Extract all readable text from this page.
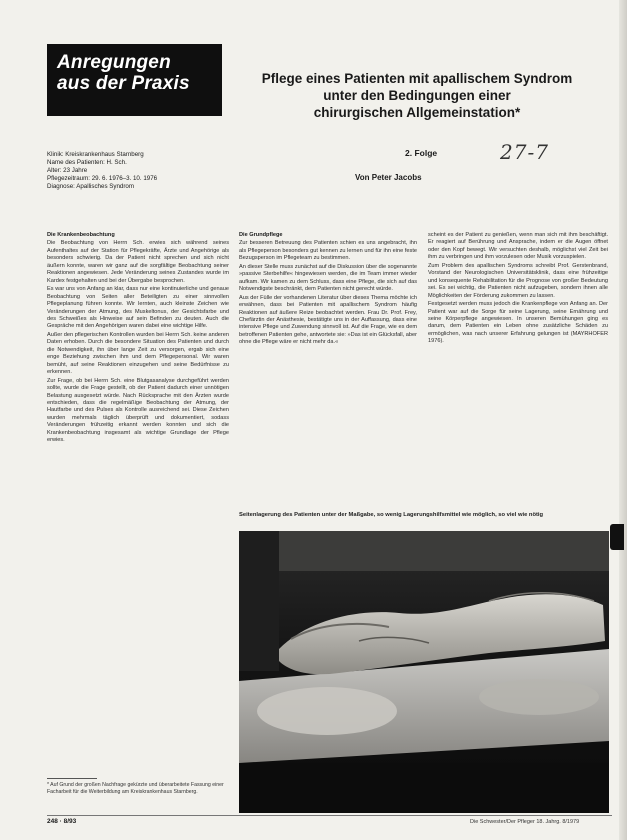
Anregungen
aus der Praxis	Pflege eines Patienten mit apallischem Syndrom
unter den Bedingungen einer
chirurgischen Allgemeinstation*
2. Folge
Von Peter Jacobs
27-7
Klinik: Kreiskrankenhaus Starnberg
Name des Patienten: H. Sch.
Alter: 23 Jahre
Pflegezeitraum: 29. 6. 1976–3. 10. 1976
Diagnose: Apallisches Syndrom
Die Krankenbeobachtung

Die Beobachtung von Herrn Sch. erwies sich während seines Aufenthaltes auf der Station für Pflegekräfte, Ärzte und Angehörige als besonders schwierig. Da der Patient nicht sprechen und sich nicht äußern konnte, waren wir ganz auf die sorgfältige Beobachtung seiner Reaktionen angewiesen. Jede Veränderung seines Zustandes wurde im Kardex festgehalten und bei der Übergabe besprochen.

Es war uns von Anfang an klar, dass nur eine kontinuierliche und genaue Beobachtung von Seiten aller Beteiligten zu einer sinnvollen Pflegeplanung führen konnte. Wir lernten, auch kleinste Zeichen wie Veränderungen der Atmung, des Muskeltonus, der Gesichtsfarbe und des Schweißes als Hinweise auf sein Befinden zu deuten. Auch die Gespräche mit den Angehörigen waren dabei eine wichtige Hilfe.

Außer den pflegerischen Kontrollen wurden bei Herrn Sch. keine anderen Daten erhoben. Durch die besondere Situation des Patienten und durch die Notwendigkeit, ihn über lange Zeit zu versorgen, ergab sich eine enge Beziehung zwischen ihm und dem Pflegepersonal. Wir waren bemüht, auf seine Reaktionen einzugehen und seine Bedürfnisse zu erkennen.

Zur Frage, ob bei Herrn Sch. eine Blutgasanalyse durchgeführt werden sollte, wurde die Frage gestellt, ob der Patient dadurch einer unnötigen Belastung ausgesetzt würde. Nach Rücksprache mit den Ärzten wurde entschieden, dass die regelmäßige Beobachtung der Atmung, der Hautfarbe und des Pulses als Kontrolle ausreichend sei. Diese Zeichen wurden mehrmals täglich überprüft und dokumentiert, sodass Veränderungen frühzeitig erkannt werden konnten und sich die Krankenbeobachtung insgesamt als wichtige Grundlage der Pflege erwies.

Die Grundpflege

Zur besseren Betreuung des Patienten schien es uns angebracht, ihn als Pflegeperson besonders gut kennen zu lernen und für ihn eine feste Bezugsperson im Pflegeteam zu bestimmen.

An dieser Stelle muss zunächst auf die Diskussion über die sogenannte »passive Sterbehilfe« hingewiesen werden, die im Team immer wieder aufkam. Wir kamen zu dem Schluss, dass eine Pflege, die sich auf das Notwendigste beschränkt, dem Patienten nicht gerecht würde.

Aus der Fülle der vorhandenen Literatur über dieses Thema möchte ich erwähnen, dass bei Patienten mit apallischem Syndrom häufig Reaktionen auf äußere Reize beobachtet werden. Frau Dr. Prof. Frey, Chefärztin der Anästhesie, bestätigte uns in der Auffassung, dass eine intensive Pflege und Zuwendung sinnvoll ist. Auf die Frage, wie es dem betroffenen Patienten gehe, antwortete sie: »Das ist ein Glücksfall, aber ohne die Pflege wäre er nicht mehr da.«

scheint es der Patient zu genießen, wenn man sich mit ihm beschäftigt. Er reagiert auf Berührung und Ansprache, indem er die Augen öffnet oder den Kopf bewegt. Wir versuchten deshalb, möglichst viel Zeit bei ihm zu verbringen und ihm vorzulesen oder Musik vorzuspielen.

Zum Problem des apallischen Syndroms schreibt Prof. Gerstenbrand, Vorstand der Neurologischen Universitätsklinik, dass eine frühzeitige und konsequente Rehabilitation für die Prognose von großer Bedeutung sei. Es sei wichtig, die Patienten nicht aufzugeben, sondern ihnen alle Möglichkeiten der Förderung zukommen zu lassen.

Festgesetzt werden muss jedoch die Krankenpflege von Anfang an. Der Patient war auf die Sorge für seine Lagerung, seine Ernährung und seine Körperpflege angewiesen. In unseren Bemühungen ging es darum, dem Patienten ein Leben ohne zusätzliche Schäden zu ermöglichen, was nach unserer Erfahrung gelungen ist (MAYRHOFER 1976).

Seitenlagerung des Patienten unter der Maßgabe, so wenig Lagerungshilfsmittel wie möglich, so viel wie nötig
* Auf Grund der großen Nachfrage gekürzte und überarbeitete Fassung einer Facharbeit für die Weiterbildung am Kreiskrankenhaus Starnberg.
248 · 8/93	Die Schwester/Der Pfleger 18. Jahrg. 8/1979
